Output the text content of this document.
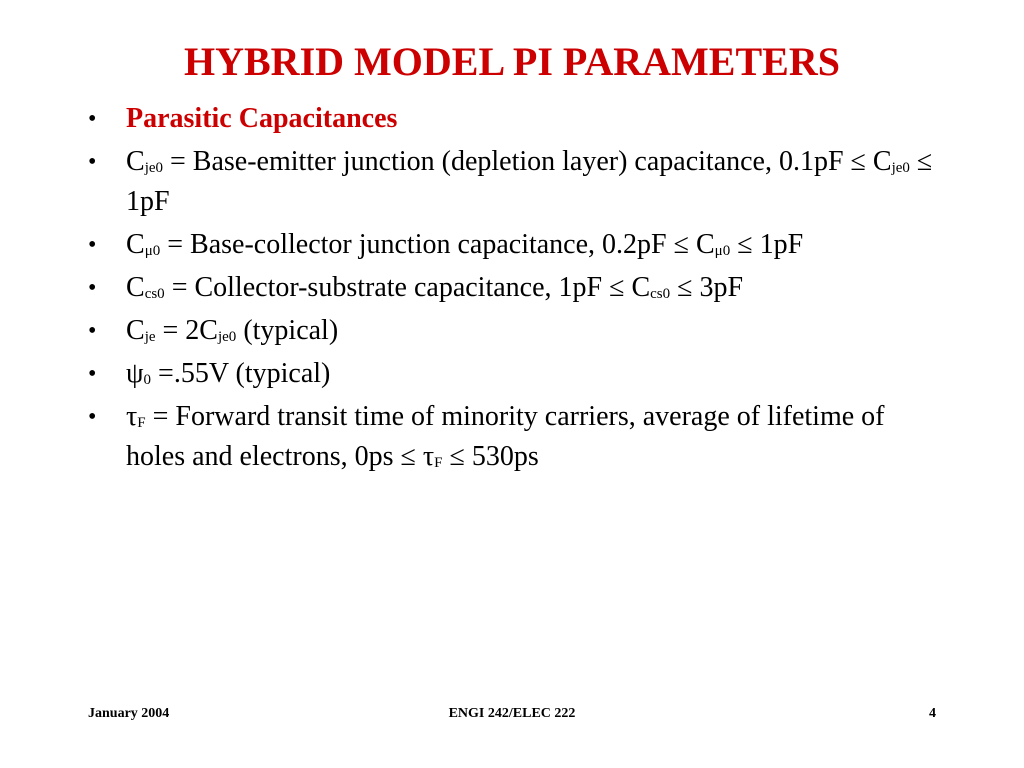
HYBRID MODEL PI PARAMETERS
•	Parasitic Capacitances
•	$C_{je0}$ = Base-emitter junction (depletion layer) capacitance, $0.1pF \le C_{je0} \le 1pF$
•	$C_{\mu 0}$ = Base-collector junction capacitance, $0.2pF \le C_{\mu 0} \le 1pF$
•	$C_{cs0}$ = Collector-substrate capacitance, $1pF \le C_{cs0} \le 3pF$
•	$C_{je} = 2C_{je0}$ (typical)
•	$\psi_0 =.55V$ (typical)
•	$\tau_F$ = Forward transit time of minority carriers, average of lifetime of holes and electrons, $0ps \le \tau_F \le 530ps$
January 2004	ENGI 242/ELEC 222	4
